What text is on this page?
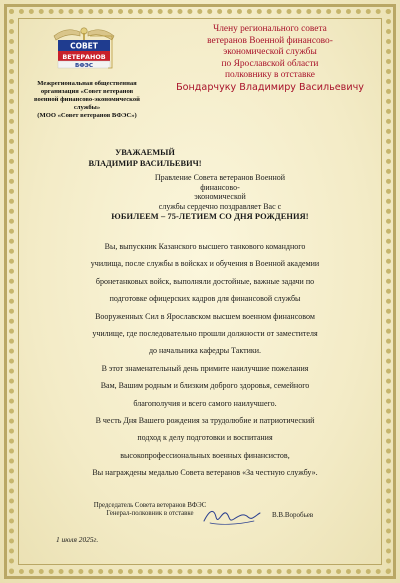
СОВЕТ
ВЕТЕРАНОВ
ВФЭС
Межрегиональная общественная
организация «Совет ветеранов
военной финансово-экономической
службы»
(МОО «Совет ветеранов ВФЭС»)
Члену регионального совета
ветеранов Военной финансово-
экономической службы
по Ярославской области
полковнику в отставке
Бондарчуку Владимиру Васильевичу
УВАЖАЕМЫЙ
ВЛАДИМИР ВАСИЛЬЕВИЧ!
Правление Совета ветеранов Военной финансово-
экономической
службы сердечно поздравляет Вас с
ЮБИЛЕЕМ – 75-ЛЕТИЕМ СО ДНЯ РОЖДЕНИЯ!
Вы, выпускник Казанского высшего танкового командного
училища, после службы в войсках и обучения в Военной академии
бронетанковых войск, выполняли достойные, важные задачи по
подготовке офицерских кадров для финансовой службы
Вооруженных Сил в Ярославском высшем военном финансовом
училище, где последовательно прошли должности от заместителя
до начальника кафедры Тактики.
В этот знаменательный день примите наилучшие пожелания
Вам, Вашим родным и близким доброго здоровья, семейного
благополучия и всего самого наилучшего.
В честь Дня Вашего рождения за трудолюбие и патриотический
подход к делу подготовки и воспитания
высокопрофессиональных военных финансистов,
Вы награждены медалью Совета ветеранов «За честную службу».
Председатель Совета ветеранов ВФЭС
Генерал-полковник в отставке	В.В.Воробьев
1 июля 2025г.
